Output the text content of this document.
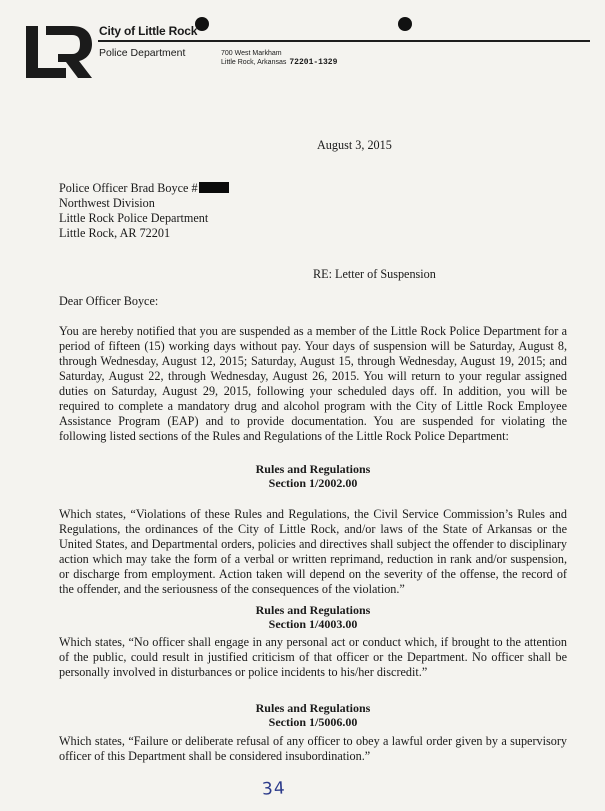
City of Little Rock
Police Department	700 West Markham
Little Rock, Arkansas 72201-1329
August 3, 2015
Police Officer Brad Boyce #
Northwest Division
Little Rock Police Department
Little Rock, AR 72201
RE: Letter of Suspension
Dear Officer Boyce:
You are hereby notified that you are suspended as a member of the Little Rock Police Department for a period of fifteen (15) working days without pay. Your days of suspension will be Saturday, August 8, through Wednesday, August 12, 2015; Saturday, August 15, through Wednesday, August 19, 2015; and Saturday, August 22, through Wednesday, August 26, 2015. You will return to your regular assigned duties on Saturday, August 29, 2015, following your scheduled days off. In addition, you will be required to complete a mandatory drug and alcohol program with the City of Little Rock Employee Assistance Program (EAP) and to provide documentation. You are suspended for violating the following listed sections of the Rules and Regulations of the Little Rock Police Department:
Rules and Regulations
Section 1/2002.00
Which states, “Violations of these Rules and Regulations, the Civil Service Commission’s Rules and Regulations, the ordinances of the City of Little Rock, and/or laws of the State of Arkansas or the United States, and Departmental orders, policies and directives shall subject the offender to disciplinary action which may take the form of a verbal or written reprimand, reduction in rank and/or suspension, or discharge from employment. Action taken will depend on the severity of the offense, the record of the offender, and the seriousness of the consequences of the violation.”
Rules and Regulations
Section 1/4003.00
Which states, “No officer shall engage in any personal act or conduct which, if brought to the attention of the public, could result in justified criticism of that officer or the Department. No officer shall be personally involved in disturbances or police incidents to his/her discredit.”
Rules and Regulations
Section 1/5006.00
Which states, “Failure or deliberate refusal of any officer to obey a lawful order given by a supervisory officer of this Department shall be considered insubordination.”
34
